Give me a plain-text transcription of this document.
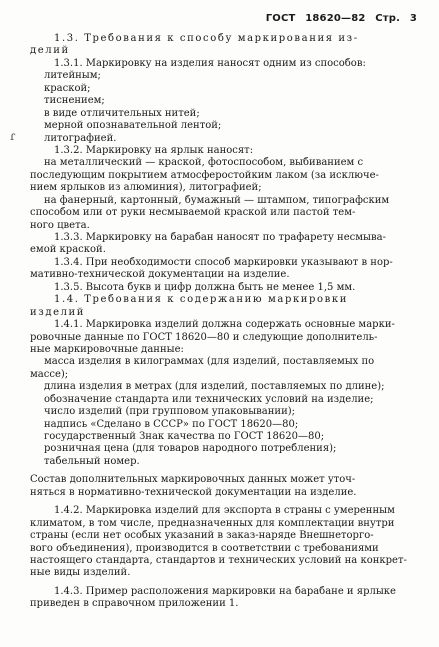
ГОСТ 18620—82 Стр. 3
ɾ
1.3. Требования к способу маркирования из-
делий
1.3.1. Маркировку на изделия наносят одним из способов:
литейным;
краской;
тиснением;
в виде отличительных нитей;
мерной опознавательной лентой;
литографией.
1.3.2. Маркировку на ярлык наносят:
на металлический — краской, фотоспособом, выбиванием с
последующим покрытием атмосферостойким лаком (за исключе-
нием ярлыков из алюминия), литографией;
на фанерный, картонный, бумажный — штампом, типографским
способом или от руки несмываемой краской или пастой тем-
ного цвета.
1.3.3. Маркировку на барабан наносят по трафарету несмыва-
емой краской.
1.3.4. При необходимости способ маркировки указывают в нор-
мативно-технической документации на изделие.
1.3.5. Высота букв и цифр должна быть не менее 1,5 мм.
1.4. Требования к содержанию маркировки
изделий
1.4.1. Маркировка изделий должна содержать основные марки-
ровочные данные по ГОСТ 18620—80 и следующие дополнитель-
ные маркировочные данные:
масса изделия в килограммах (для изделий, поставляемых по
массе);
длина изделия в метрах (для изделий, поставляемых по длине);
обозначение стандарта или технических условий на изделие;
число изделий (при групповом упаковывании);
надпись «Сделано в СССР» по ГОСТ 18620—80;
государственный Знак качества по ГОСТ 18620—80;
розничная цена (для товаров народного потребления);
табельный номер.
Состав дополнительных маркировочных данных может уточ-
няться в нормативно-технической документации на изделие.
1.4.2. Маркировка изделий для экспорта в страны с умеренным
климатом, в том числе, предназначенных для комплектации внутри
страны (если нет особых указаний в заказ-наряде Внешнеторго-
вого объединения), производится в соответствии с требованиями
настоящего стандарта, стандартов и технических условий на конкрет-
ные виды изделий.
1.4.3. Пример расположения маркировки на барабане и ярлыке
приведен в справочном приложении 1.
